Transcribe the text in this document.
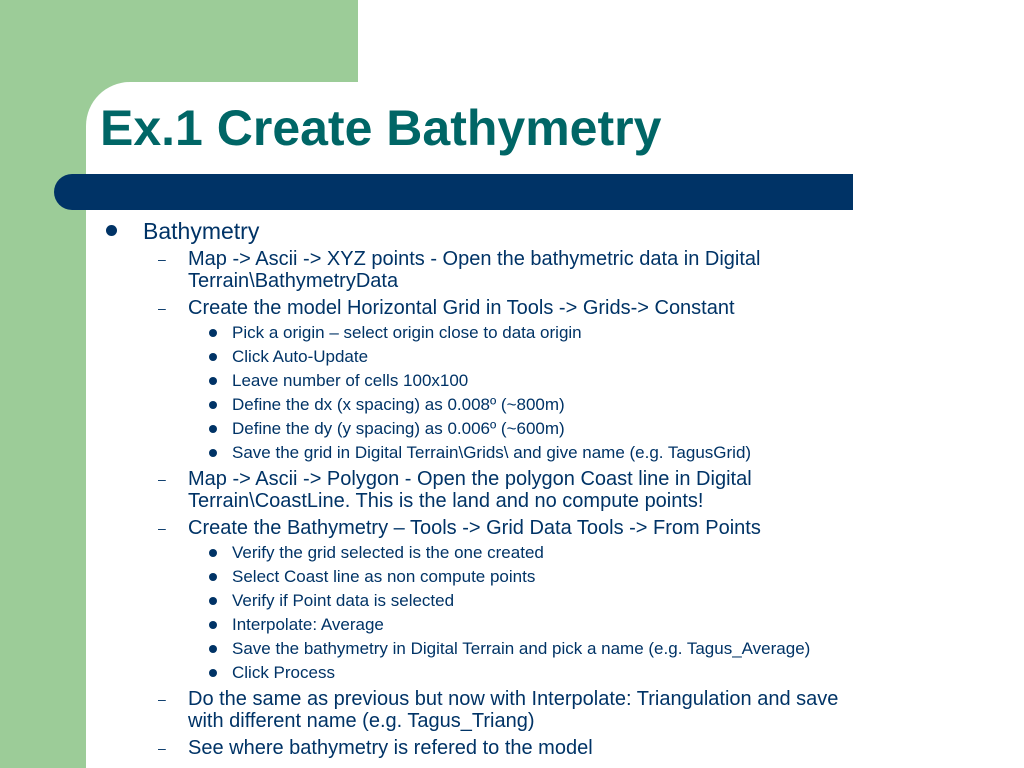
Ex.1 Create Bathymetry
Bathymetry
– Map -> Ascii -> XYZ points - Open the bathymetric data in Digital
Terrain\BathymetryData
– Create the model Horizontal Grid in Tools -> Grids-> Constant
Pick a origin – select origin close to data origin
Click Auto-Update
Leave number of cells 100x100
Define the dx (x spacing) as 0.008º (~800m)
Define the dy (y spacing) as 0.006º (~600m)
Save the grid in Digital Terrain\Grids\ and give name (e.g. TagusGrid)
– Map -> Ascii -> Polygon - Open the polygon Coast line in Digital
Terrain\CoastLine. This is the land and no compute points!
– Create the Bathymetry – Tools -> Grid Data Tools -> From Points
Verify the grid selected is the one created
Select Coast line as non compute points
Verify if Point data is selected
Interpolate: Average
Save the bathymetry in Digital Terrain and pick a name (e.g. Tagus_Average)
Click Process
– Do the same as previous but now with Interpolate: Triangulation and save
with different name (e.g. Tagus_Triang)
– See where bathymetry is refered to the model
